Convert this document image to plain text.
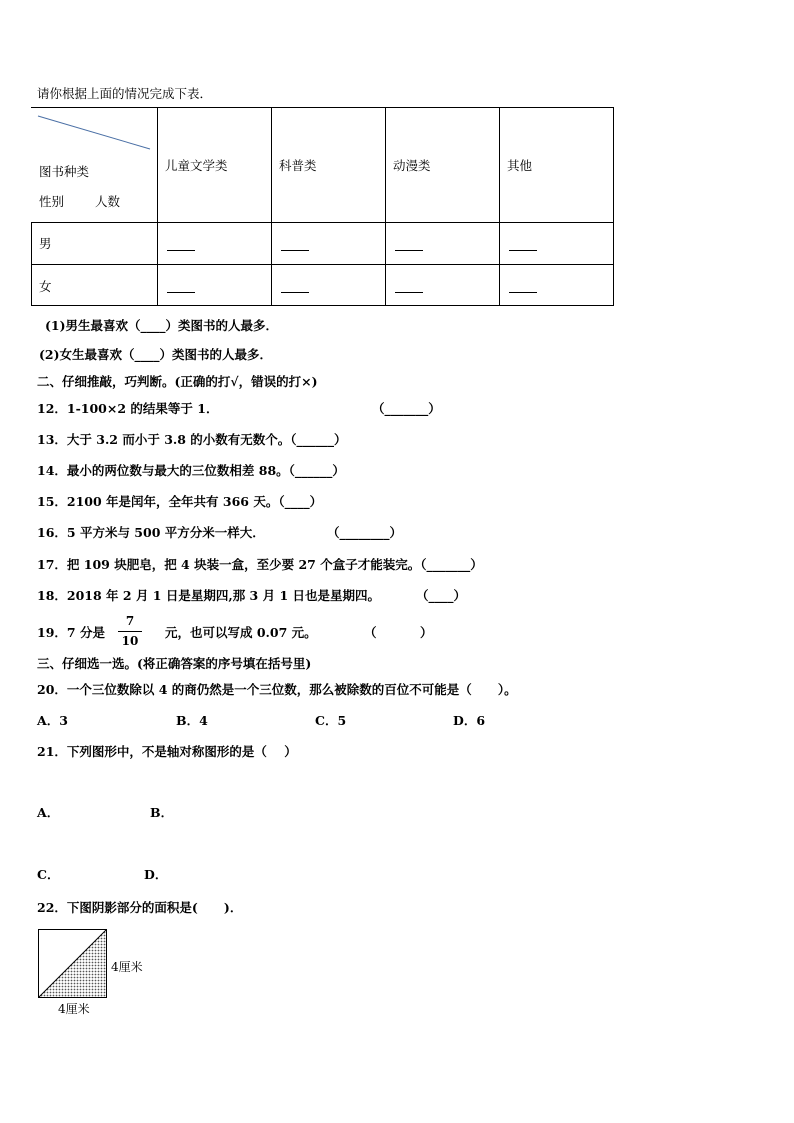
请你根据上面的情况完成下表．
图书种类
性别 人数
儿童文学类	科普类	动漫类	其他
男
女
(1)男生最喜欢（____）类图书的人最多．
(2)女生最喜欢（____）类图书的人最多．
二、仔细推敲，巧判断。(正确的打√，错误的打×)
12．1-100×2 的结果等于 1．	（_______）
13．大于 3.2 而小于 3.8 的小数有无数个。（______）
14．最小的两位数与最大的三位数相差 88。（______）
15．2100 年是闰年，全年共有 366 天。（____）
16．5 平方米与 500 平方分米一样大．	（________）
17．把 109 块肥皂，把 4 块装一盒，至少要 27 个盒子才能装完。（_______）
18．2018 年 2 月 1 日是星期四,那 3 月 1 日也是星期四。	（____）
19．7 分是
7
10
元，也可以写成 0.07 元。	（          ）
三、仔细选一选。(将正确答案的序号填在括号里)
20．一个三位数除以 4 的商仍然是一个三位数，那么被除数的百位不可能是（      ）。
A．3	B．4	C．5	D．6
21．下列图形中，不是轴对称图形的是（    ）
A．	B．
C．	D．
22．下图阴影部分的面积是(      )．
4厘米
4厘米
